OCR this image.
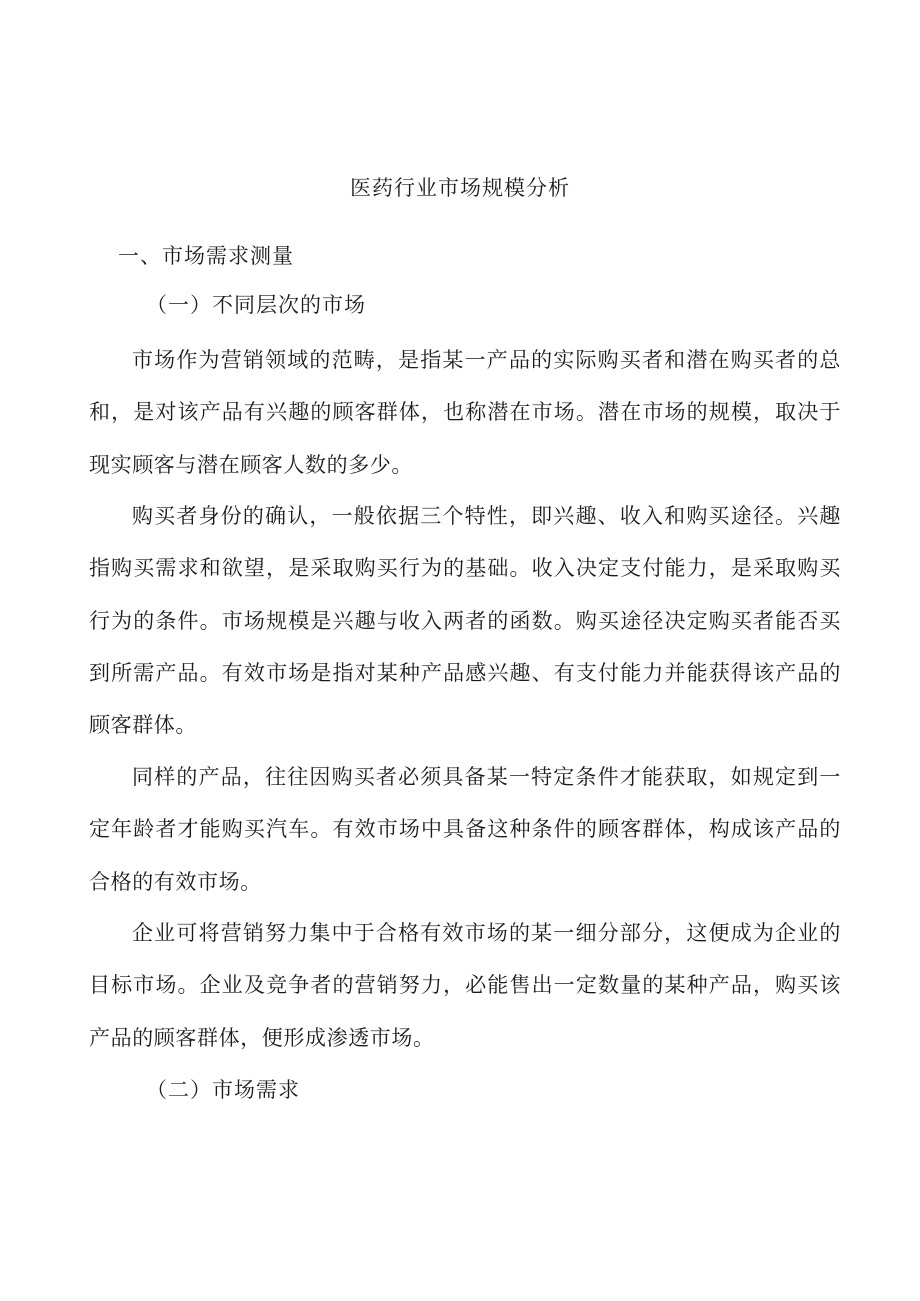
医药行业市场规模分析
一、市场需求测量
（一）不同层次的市场

市场作为营销领域的范畴，是指某一产品的实际购买者和潜在购买者的总和，是对该产品有兴趣的顾客群体，也称潜在市场。潜在市场的规模，取决于现实顾客与潜在顾客人数的多少。

购买者身份的确认，一般依据三个特性，即兴趣、收入和购买途径。兴趣指购买需求和欲望，是采取购买行为的基础。收入决定支付能力，是采取购买行为的条件。市场规模是兴趣与收入两者的函数。购买途径决定购买者能否买到所需产品。有效市场是指对某种产品感兴趣、有支付能力并能获得该产品的顾客群体。

同样的产品，往往因购买者必须具备某一特定条件才能获取，如规定到一定年龄者才能购买汽车。有效市场中具备这种条件的顾客群体，构成该产品的合格的有效市场。

企业可将营销努力集中于合格有效市场的某一细分部分，这便成为企业的目标市场。企业及竞争者的营销努力，必能售出一定数量的某种产品，购买该产品的顾客群体，便形成渗透市场。

（二）市场需求
